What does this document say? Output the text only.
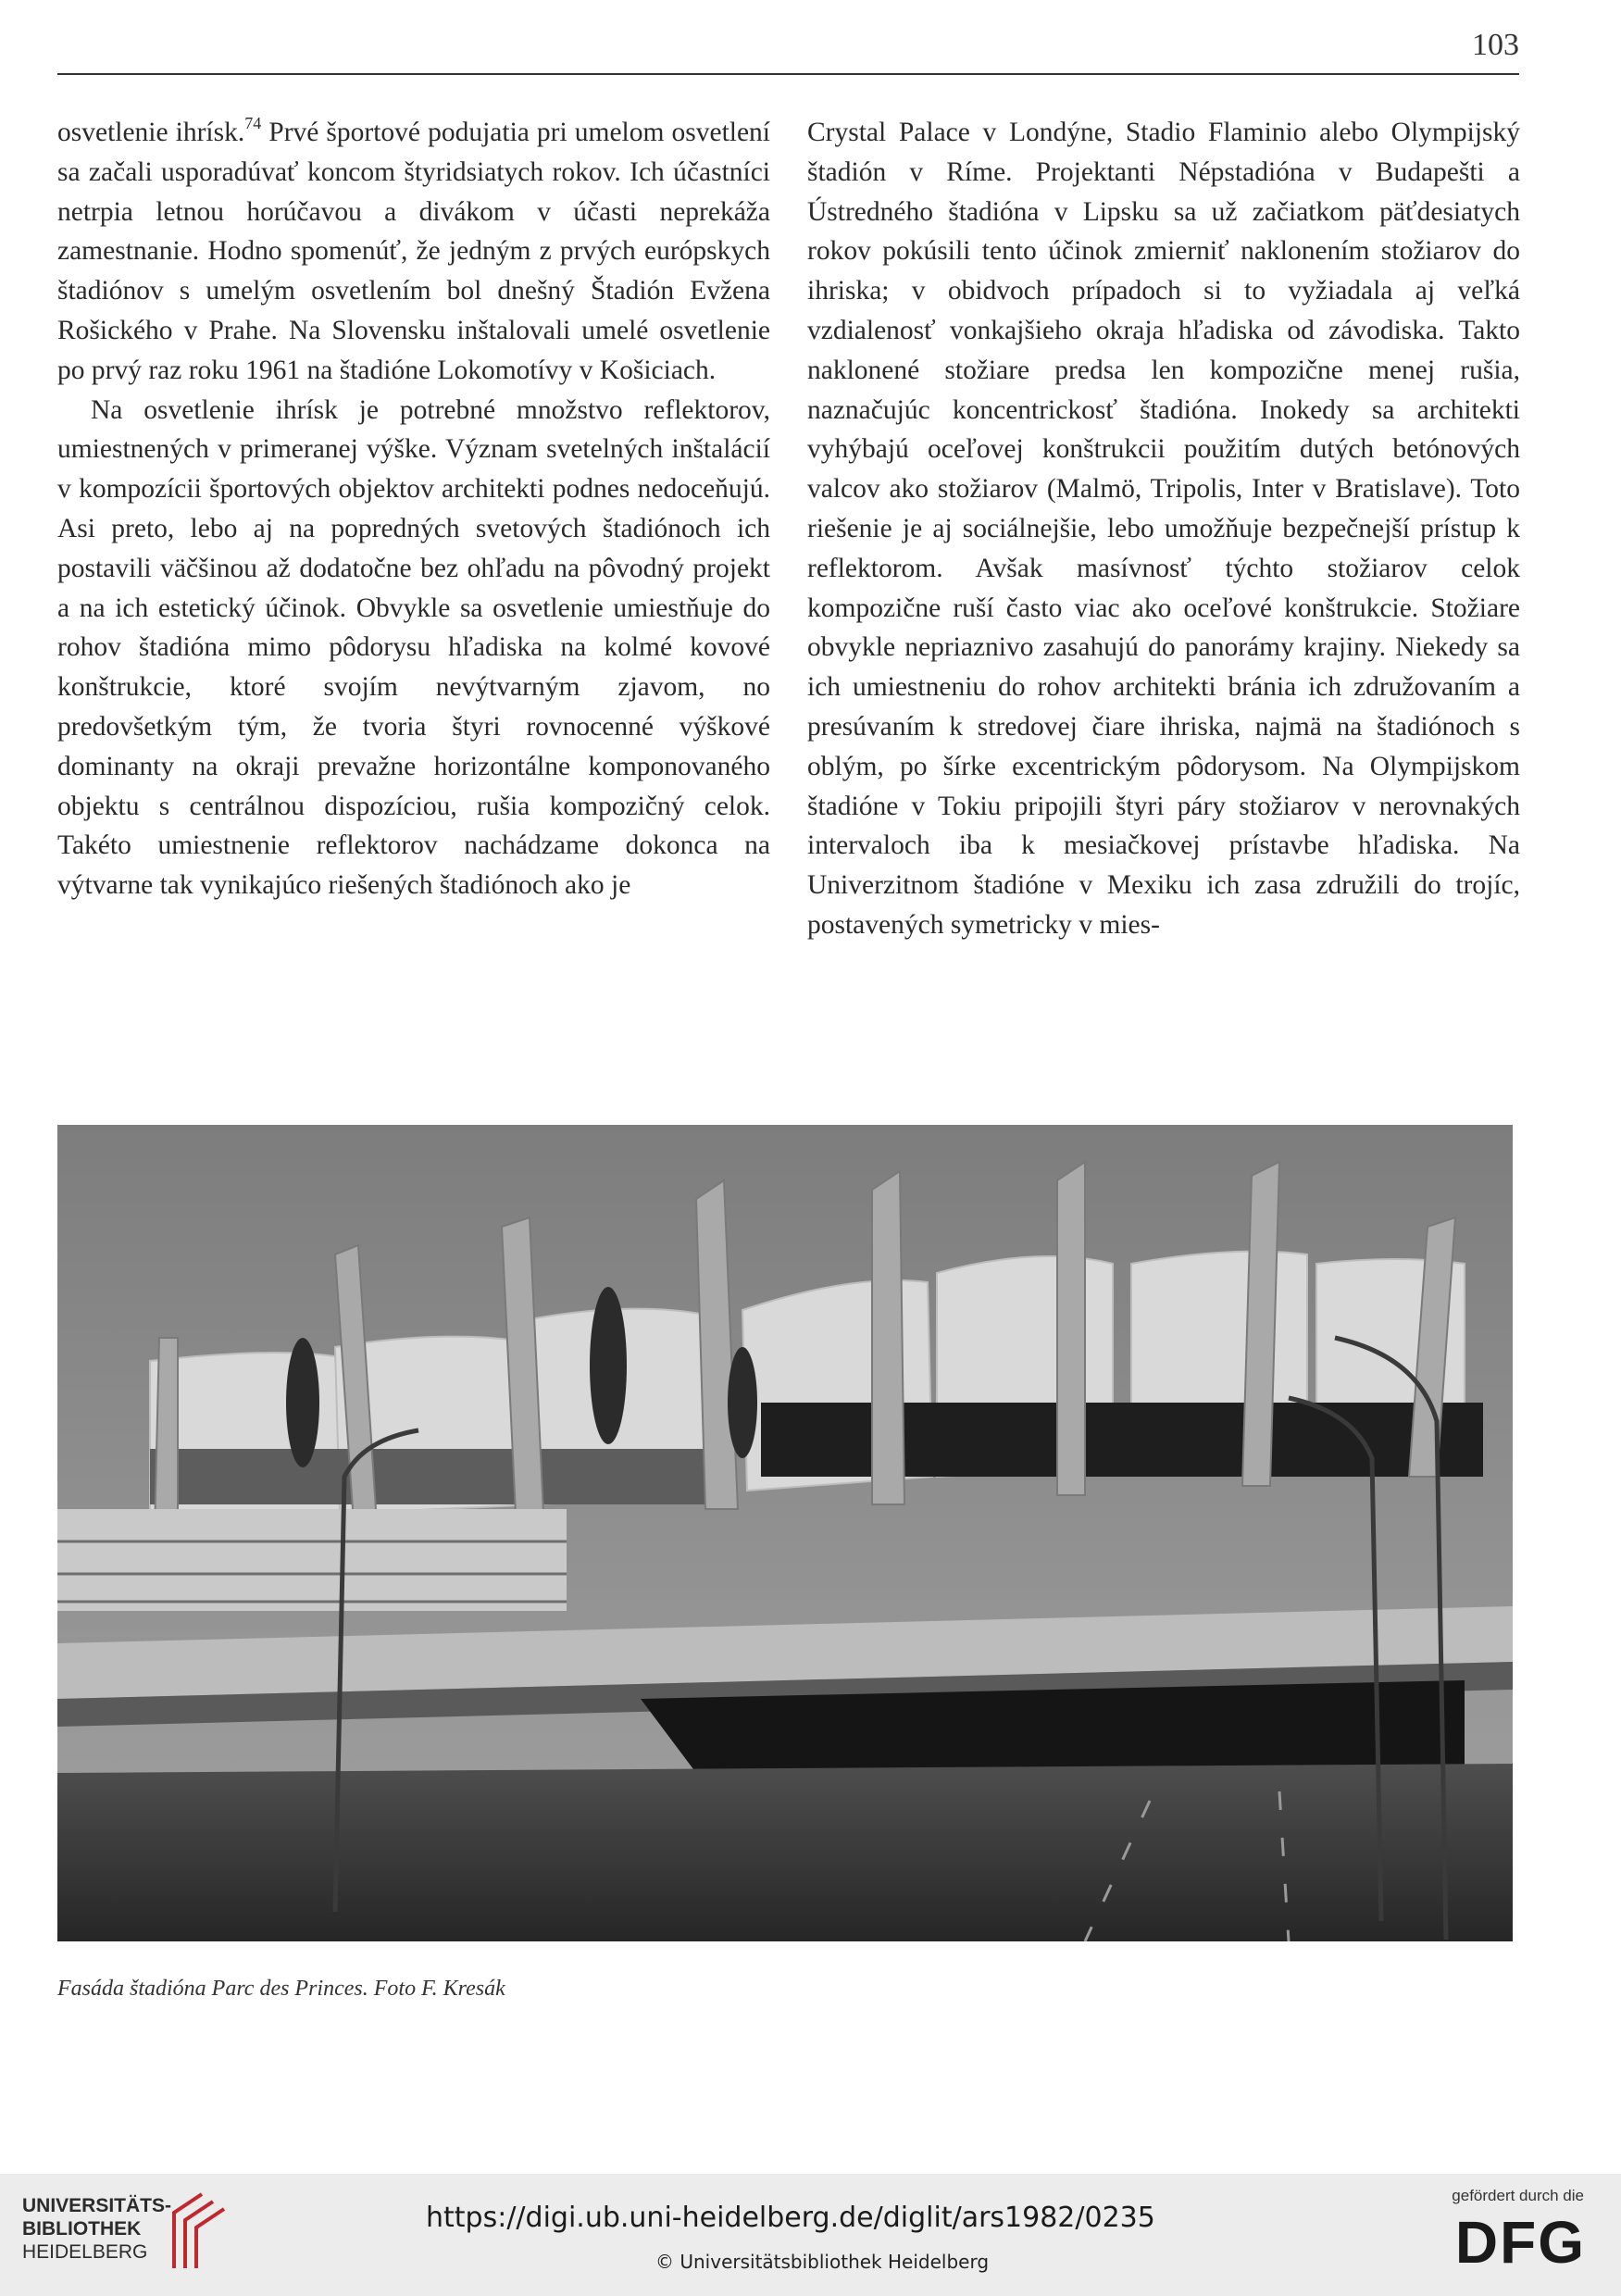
103

osvetlenie ihrísk.$^{74}$ Prvé športové podujatia pri umelom osvetlení sa začali usporadúvať koncom štyridsiatych rokov. Ich účastníci netrpia letnou horúčavou a divákom v účasti neprekáža zamestnanie. Hodno spomenúť, že jedným z prvých európskych štadiónov s umelým osvetlením bol dnešný Štadión Evžena Rošického v Prahe. Na Slovensku inštalovali umelé osvetlenie po prvý raz roku 1961 na štadióne Lokomotívy v Košiciach.

Na osvetlenie ihrísk je potrebné množstvo reflektorov, umiestnených v primeranej výške. Význam svetelných inštalácií v kompozícii športových objektov architekti podnes nedoceňujú. Asi preto, lebo aj na popredných svetových štadiónoch ich postavili väčšinou až dodatočne bez ohľadu na pôvodný projekt a na ich estetický účinok. Obvykle sa osvetlenie umiestňuje do rohov štadióna mimo pôdorysu hľadiska na kolmé kovové konštrukcie, ktoré svojím nevýtvarným zjavom, no predovšetkým tým, že tvoria štyri rovnocenné výškové dominanty na okraji prevažne horizontálne komponovaného objektu s centrálnou dispozíciou, rušia kompozičný celok. Takéto umiestnenie reflektorov nachádzame dokonca na výtvarne tak vynikajúco riešených štadiónoch ako je

Crystal Palace v Londýne, Stadio Flaminio alebo Olympijský štadión v Ríme. Projektanti Népstadióna v Budapešti a Ústredného štadióna v Lipsku sa už začiatkom päťdesiatych rokov pokúsili tento účinok zmierniť naklonením stožiarov do ihriska; v obidvoch prípadoch si to vyžiadala aj veľká vzdialenosť vonkajšieho okraja hľadiska od závodiska. Takto naklonené stožiare predsa len kompozične menej rušia, naznačujúc koncentrickosť štadióna. Inokedy sa architekti vyhýbajú oceľovej konštrukcii použitím dutých betónových valcov ako stožiarov (Malmö, Tripolis, Inter v Bratislave). Toto riešenie je aj sociálnejšie, lebo umožňuje bezpečnejší prístup k reflektorom. Avšak masívnosť týchto stožiarov celok kompozične ruší často viac ako oceľové konštrukcie. Stožiare obvykle nepriaznivo zasahujú do panorámy krajiny. Niekedy sa ich umiestneniu do rohov architekti bránia ich združovaním a presúvaním k stredovej čiare ihriska, najmä na štadiónoch s oblým, po šírke excentrickým pôdorysom. Na Olympijskom štadióne v Tokiu pripojili štyri páry stožiarov v nerovnakých intervaloch iba k mesiačkovej prístavbe hľadiska. Na Univerzitnom štadióne v Mexiku ich zasa združili do trojíc, postavených symetricky v mies-

Fasáda štadióna Parc des Princes. Foto F. Kresák
UNIVERSITÄTS-
BIBLIOTHEK
HEIDELBERG
https://digi.ub.uni-heidelberg.de/diglit/ars1982/0235
© Universitätsbibliothek Heidelberg
gefördert durch die
DFG
